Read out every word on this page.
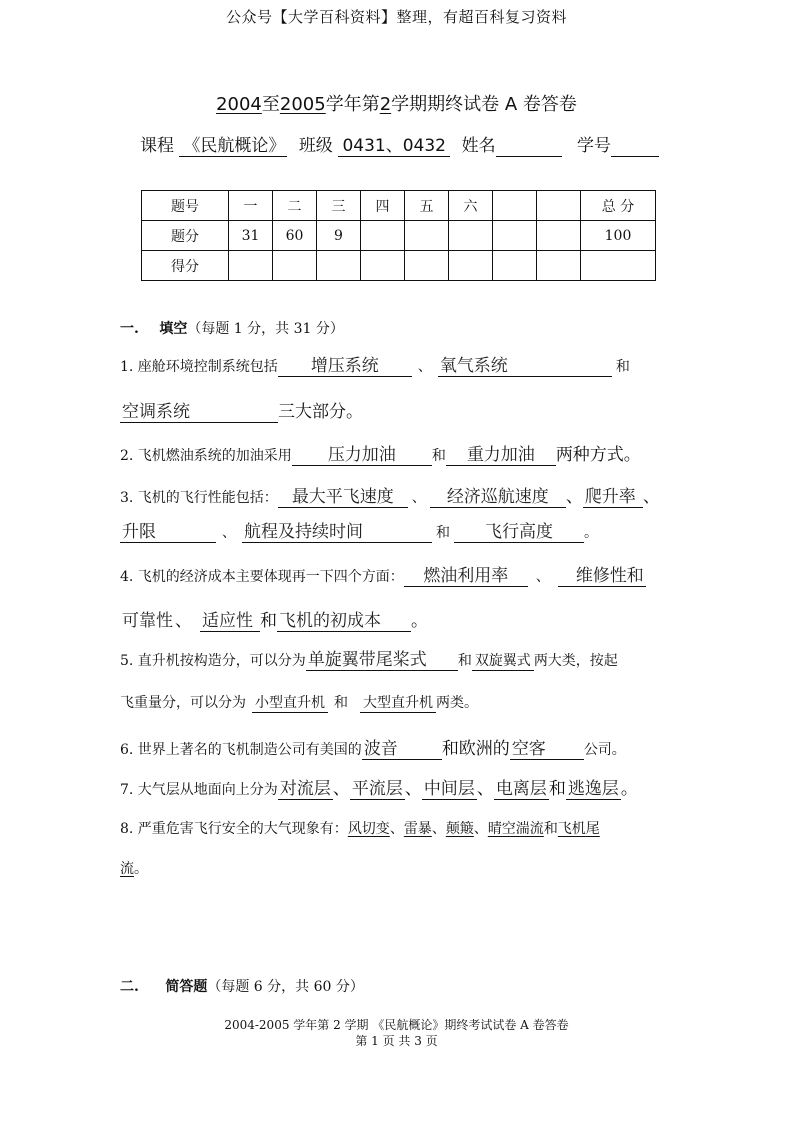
公众号【大学百科资料】整理，有超百科复习资料
2004至2005学年第2学期期终试卷 A 卷答卷
课程 《民航概论》 班级 0431、0432 姓名	学号
题号	一	二	三	四	五	六			总 分
题分	31	60	9						100
得分									
一. 填空（每题 1 分，共 31 分）
1. 座舱环境控制系统包括 增压系统	、 氧气系统	和
空调系统	三大部分。
2. 飞机燃油系统的加油采用 压力加油	和 重力加油 两种方式。
3. 飞机的飞行性能包括： 最大平飞速度 、 经济巡航速度 、 爬升率 、
升限	、 航程及持续时间	和 飞行高度 。
4. 飞机的经济成本主要体现再一下四个方面： 燃油利用率 、 维修性和
可靠性 、 适应性 和 飞机的初成本 。
5. 直升机按构造分，可以分为 单旋翼带尾桨式 和 双旋翼式 两大类，按起
飞重量分，可以分为 小型直升机 和 大型直升机 两类。
6. 世界上著名的飞机制造公司有美国的 波音	和欧洲的 空客	公司。
7. 大气层从地面向上分为 对流层 、 平流层 、 中间层 、 电离层 和 逃逸层 。
8. 严重危害飞行安全的大气现象有：风切变、雷暴、颠簸、晴空湍流和飞机尾
流。
二. 简答题（每题 6 分，共 60 分）
2004-2005 学年第 2 学期 《民航概论》期终考试试卷 A 卷答卷
第 1 页 共 3 页
